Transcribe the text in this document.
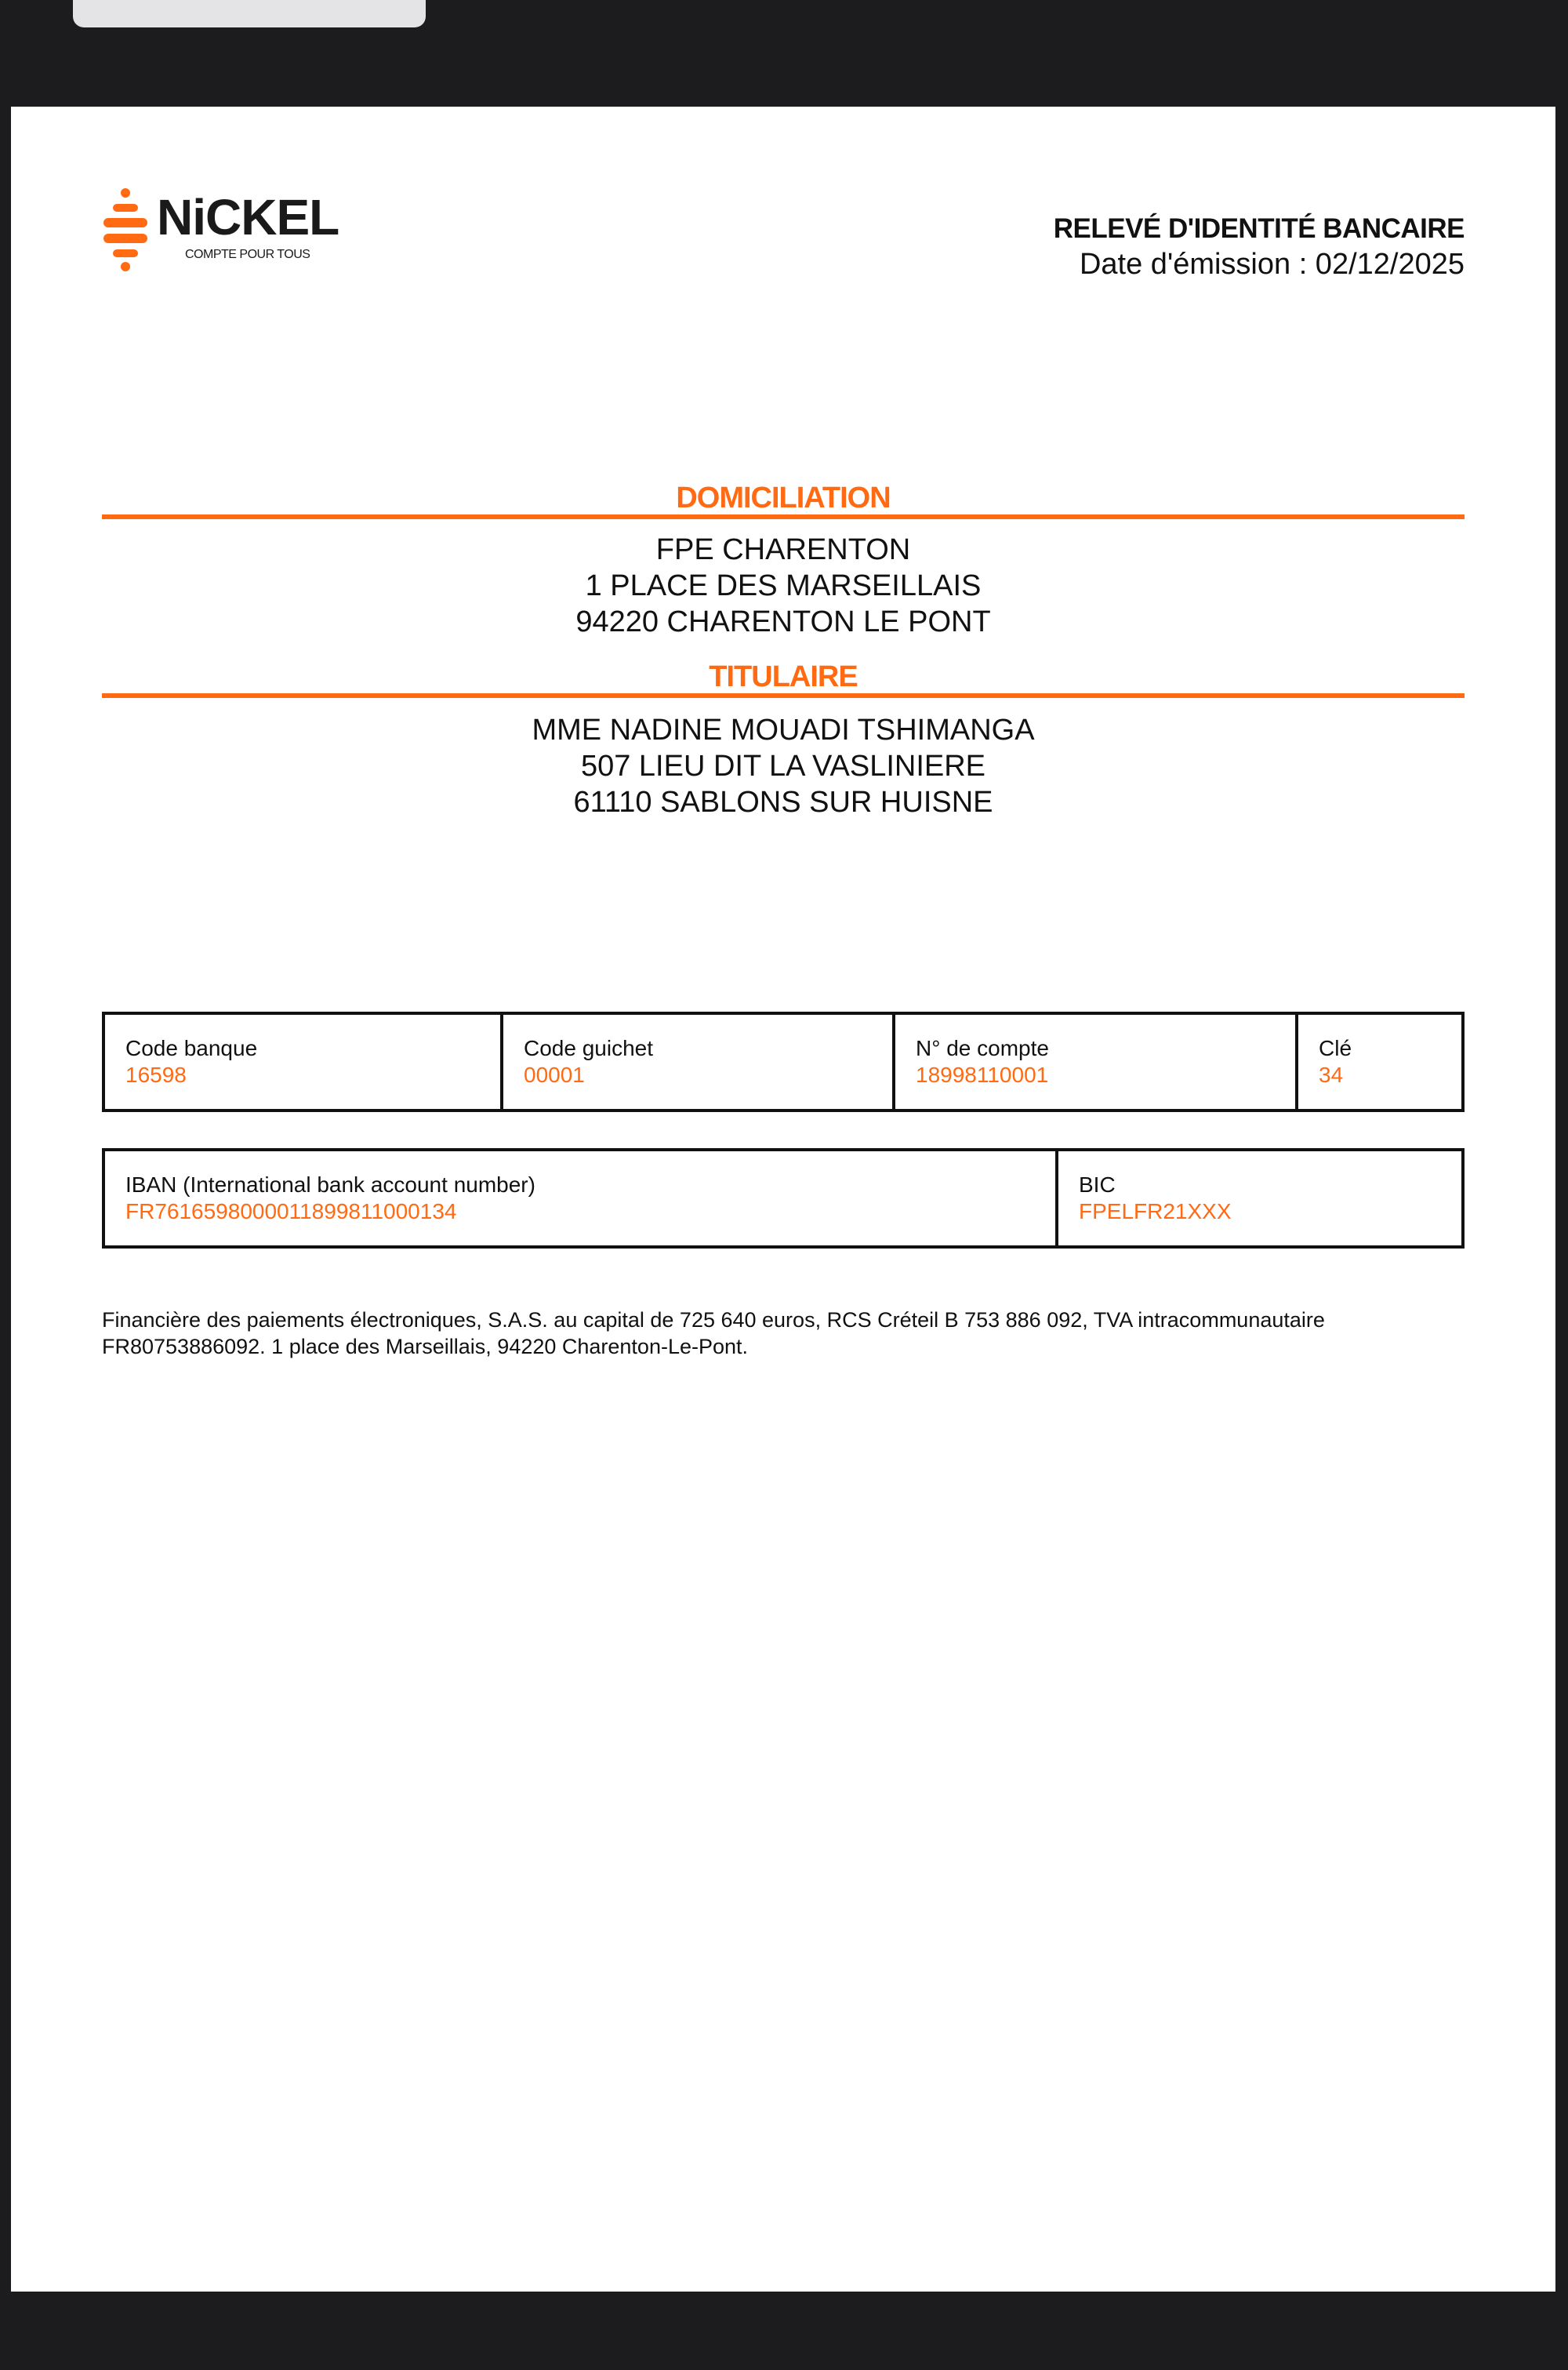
NiCKEL
COMPTE POUR TOUS
RELEVÉ D'IDENTITÉ BANCAIRE
Date d'émission : 02/12/2025
DOMICILIATION
FPE CHARENTON
1 PLACE DES MARSEILLAIS
94220 CHARENTON LE PONT
TITULAIRE
MME NADINE MOUADI TSHIMANGA
507 LIEU DIT LA VASLINIERE
61110 SABLONS SUR HUISNE
Code banque
16598
Code guichet
00001
N° de compte
18998110001
Clé
34
IBAN (International bank account number)
FR7616598000011899811000134
BIC
FPELFR21XXX
Financière des paiements électroniques, S.A.S. au capital de 725 640 euros, RCS Créteil B 753 886 092, TVA intracommunautaire FR80753886092. 1 place des Marseillais, 94220 Charenton-Le-Pont.
